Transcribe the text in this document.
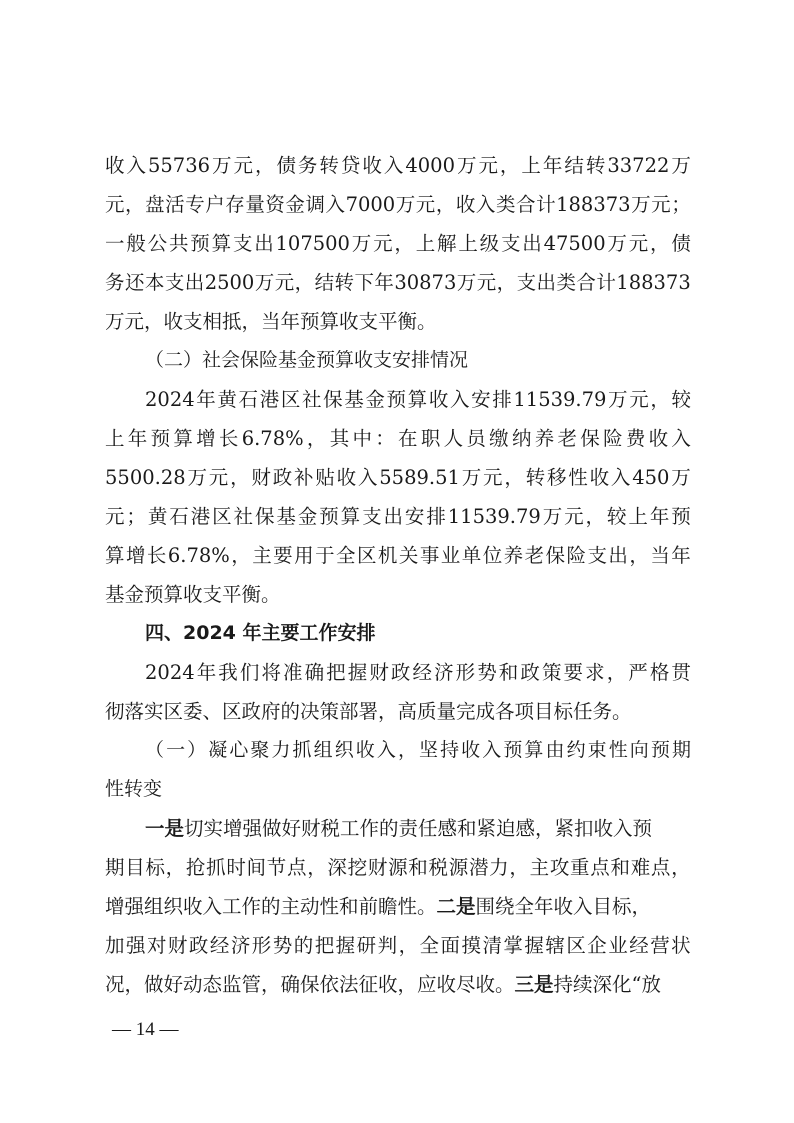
收 入 55736 万 元 ， 债 务 转 贷 收 入 4000 万 元 ， 上 年 结 转 33722 万
元 ， 盘 活 专 户 存 量 资 金 调 入 7000 万 元 ， 收 入 类 合 计 188373 万 元 ；
一 般 公 共 预 算 支 出 107500 万 元 ， 上 解 上 级 支 出 47500 万 元 ， 债
务 还 本 支 出 2500 万 元 ， 结 转 下 年 30873 万 元 ， 支 出 类 合 计 188373
万元，收支相抵，当年预算收支平衡。
（二）社会保险基金预算收支安排情况
2024 年 黄 石 港 区 社 保 基 金 预 算 收 入 安 排 11539.79 万 元 ， 较
上 年 预 算 增 长 6.78% ， 其 中 ： 在 职 人 员 缴 纳 养 老 保 险 费 收 入
5500.28 万 元 ， 财 政 补 贴 收 入 5589.51 万 元 ， 转 移 性 收 入 450 万
元 ； 黄 石 港 区 社 保 基 金 预 算 支 出 安 排 11539.79 万 元 ， 较 上 年 预
算 增 长 6.78% ， 主 要 用 于 全 区 机 关 事 业 单 位 养 老 保 险 支 出 ， 当 年
基金预算收支平衡。
四、2024 年主要工作安排
2024 年 我 们 将 准 确 把 握 财 政 经 济 形 势 和 政 策 要 求 ， 严 格 贯
彻落实区委、区政府的决策部署，高质量完成各项目标任务。
（ 一 ） 凝 心 聚 力 抓 组 织 收 入 ， 坚 持 收 入 预 算 由 约 束 性 向 预 期
性转变
一是 切实增强做好财税工作的责任感和紧迫感，紧扣收入预
期 目 标 ， 抢 抓 时 间 节 点 ， 深 挖 财 源 和 税 源 潜 力 ， 主 攻 重 点 和 难 点 ，
增强组织收入工作的主动性和前瞻性。 二是 围绕全年收入目标，
加 强 对 财 政 经 济 形 势 的 把 握 研 判 ， 全 面 摸 清 掌 握 辖 区 企 业 经 营 状
况，做好动态监管，确保依法征收，应收尽收。 三是 持续深化“放
— 14 —
